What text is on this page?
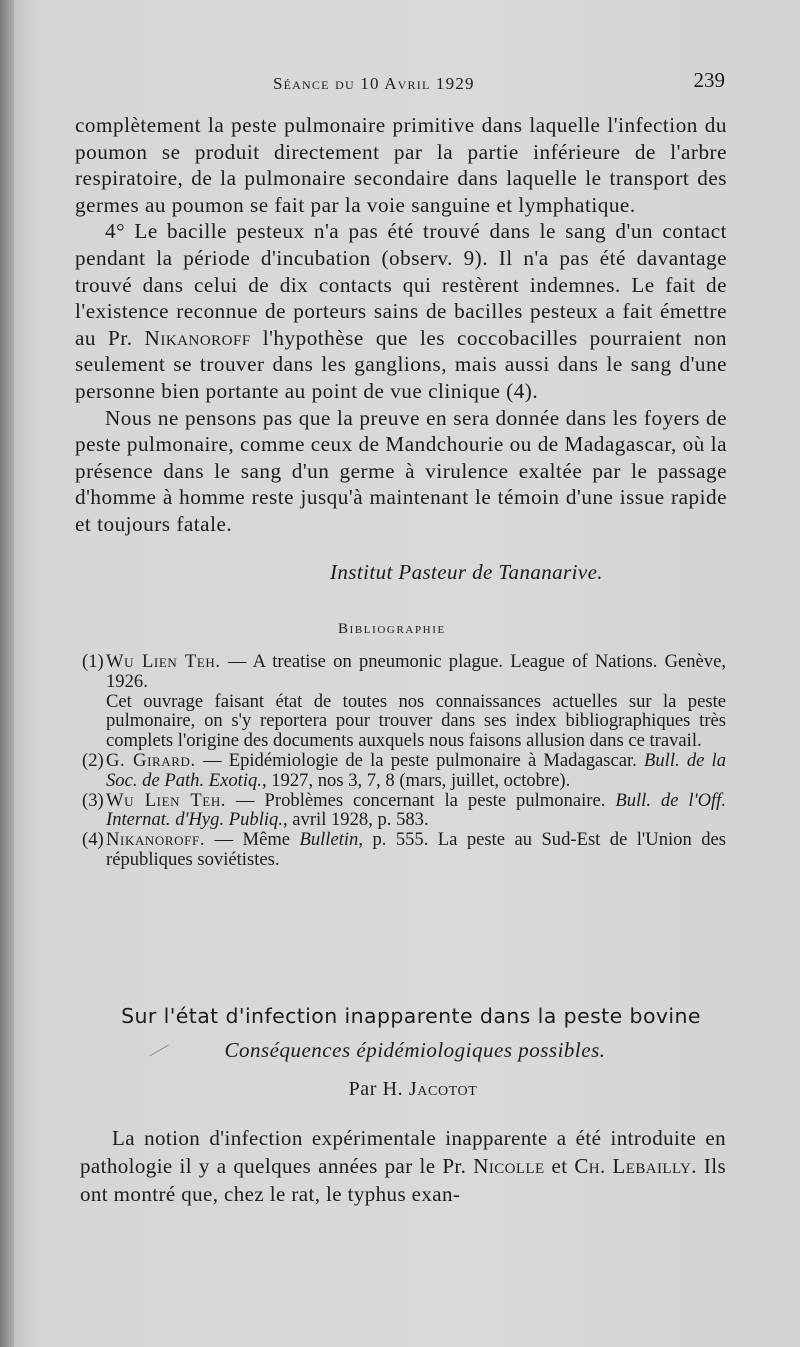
Séance du 10 Avril 1929	239

complètement la peste pulmonaire primitive dans laquelle l'infection du poumon se produit directement par la partie inférieure de l'arbre respiratoire, de la pulmonaire secondaire dans laquelle le transport des germes au poumon se fait par la voie sanguine et lymphatique.

4° Le bacille pesteux n'a pas été trouvé dans le sang d'un contact pendant la période d'incubation (observ. 9). Il n'a pas été davantage trouvé dans celui de dix contacts qui restèrent indemnes. Le fait de l'existence reconnue de porteurs sains de bacilles pesteux a fait émettre au Pr. Nikanoroff l'hypothèse que les coccobacilles pourraient non seulement se trouver dans les ganglions, mais aussi dans le sang d'une personne bien portante au point de vue clinique (4).

Nous ne pensons pas que la preuve en sera donnée dans les foyers de peste pulmonaire, comme ceux de Mandchourie ou de Madagascar, où la présence dans le sang d'un germe à virulence exaltée par le passage d'homme à homme reste jusqu'à maintenant le témoin d'une issue rapide et toujours fatale.

Institut Pasteur de Tananarive.
Bibliographie

(1) Wu Lien Teh. — A treatise on pneumonic plague. League of Nations. Genève, 1926.

Cet ouvrage faisant état de toutes nos connaissances actuelles sur la peste pulmonaire, on s'y reportera pour trouver dans ses index bibliographiques très complets l'origine des documents auxquels nous faisons allusion dans ce travail.

(2) G. Girard. — Epidémiologie de la peste pulmonaire à Madagascar. Bull. de la Soc. de Path. Exotiq., 1927, nos 3, 7, 8 (mars, juillet, octobre).

(3) Wu Lien Teh. — Problèmes concernant la peste pulmonaire. Bull. de l'Off. Internat. d'Hyg. Publiq., avril 1928, p. 583.

(4) Nikanoroff. — Même Bulletin, p. 555. La peste au Sud-Est de l'Union des républiques soviétistes.

Sur l'état d'infection inapparente dans la peste bovine
Conséquences épidémiologiques possibles.
Par H. Jacotot

La notion d'infection expérimentale inapparente a été introduite en pathologie il y a quelques années par le Pr. Nicolle et Ch. Lebailly. Ils ont montré que, chez le rat, le typhus exan-
